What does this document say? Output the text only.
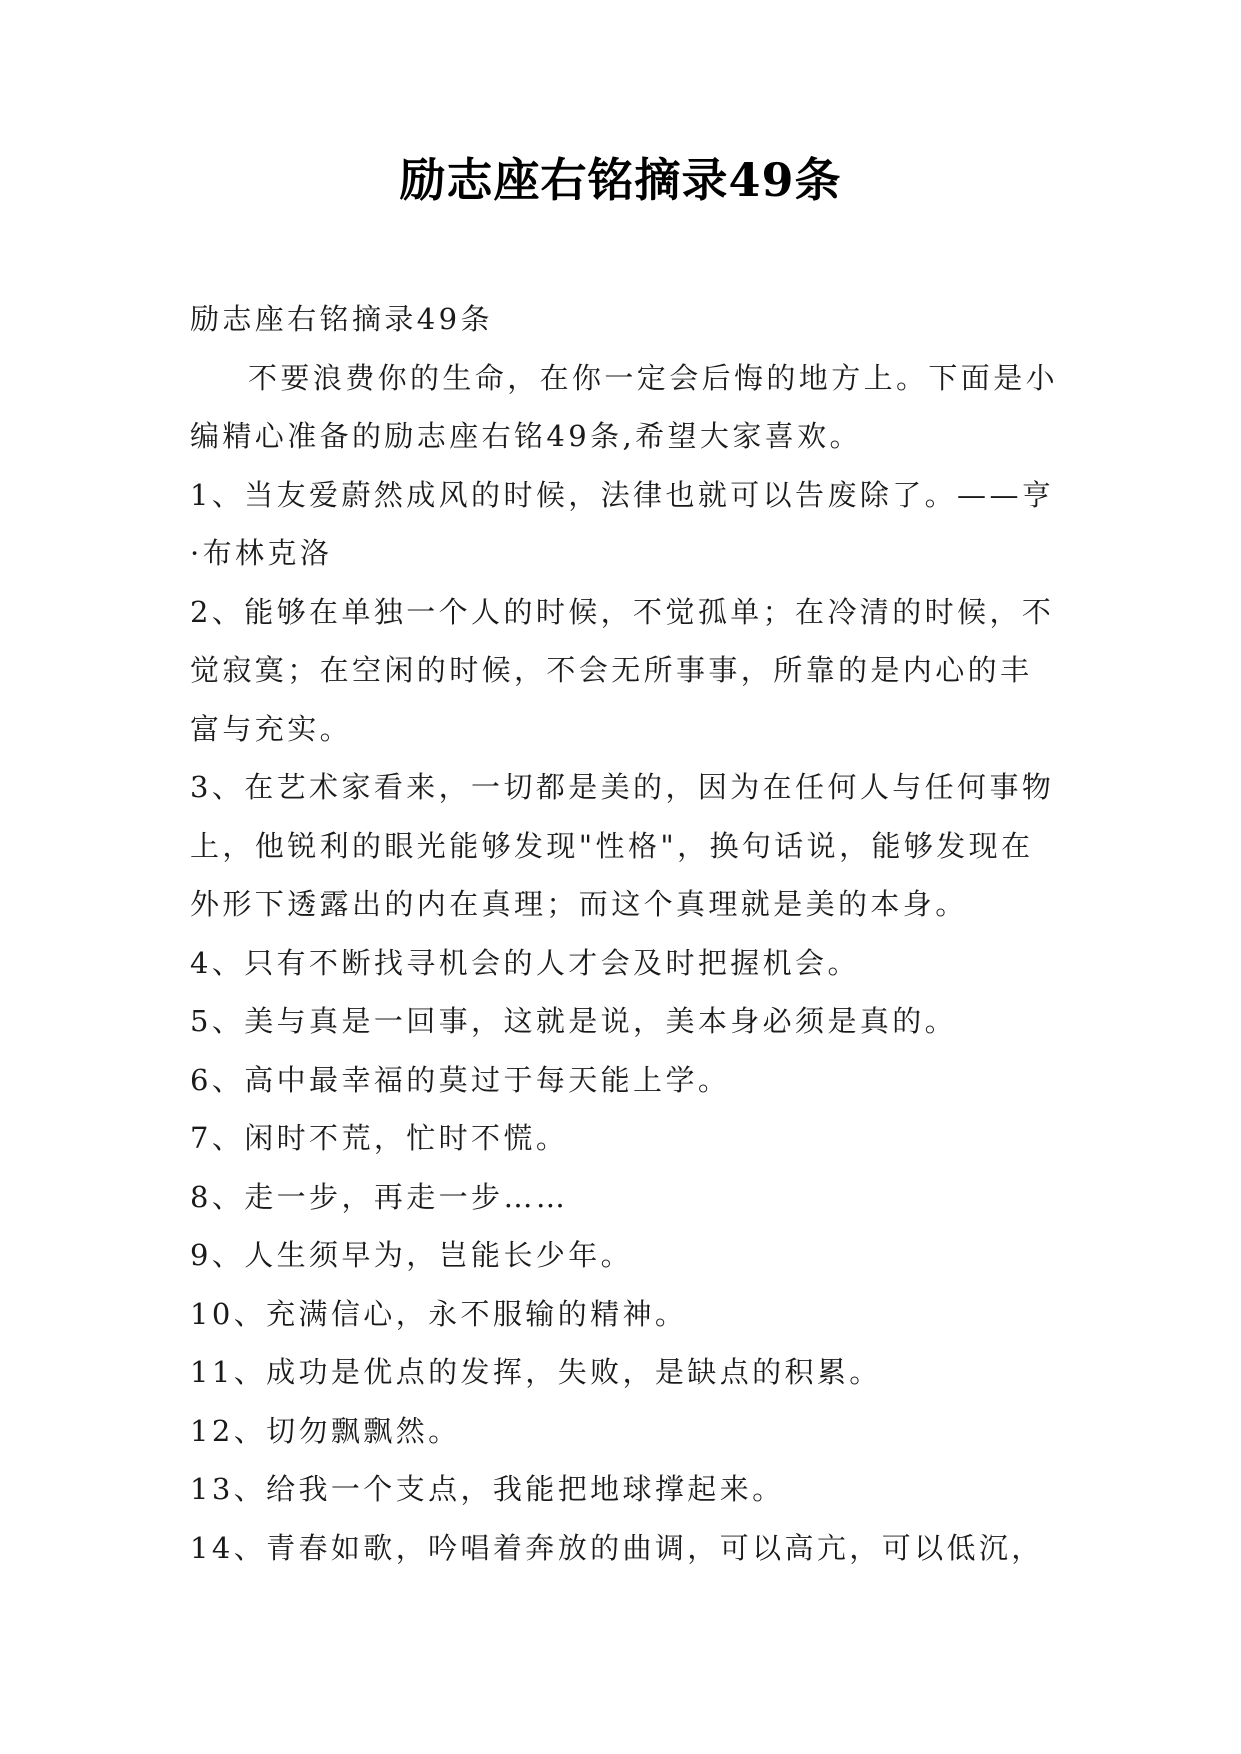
励志座右铭摘录49条

励志座右铭摘录49条

不要浪费你的生命，在你一定会后悔的地方上。下面是小编精心准备的励志座右铭49条,希望大家喜欢。

1、当友爱蔚然成风的时候，法律也就可以告废除了。——亨·布林克洛

2、能够在单独一个人的时候，不觉孤单；在冷清的时候，不觉寂寞；在空闲的时候，不会无所事事，所靠的是内心的丰富与充实。

3、在艺术家看来，一切都是美的，因为在任何人与任何事物上，他锐利的眼光能够发现"性格"，换句话说，能够发现在外形下透露出的内在真理；而这个真理就是美的本身。

4、只有不断找寻机会的人才会及时把握机会。

5、美与真是一回事，这就是说，美本身必须是真的。

6、高中最幸福的莫过于每天能上学。

7、闲时不荒，忙时不慌。

8、走一步，再走一步……

9、人生须早为，岂能长少年。

10、充满信心，永不服输的精神。

11、成功是优点的发挥，失败，是缺点的积累。

12、切勿飘飘然。

13、给我一个支点，我能把地球撑起来。

14、青春如歌，吟唱着奔放的曲调，可以高亢，可以低沉，
